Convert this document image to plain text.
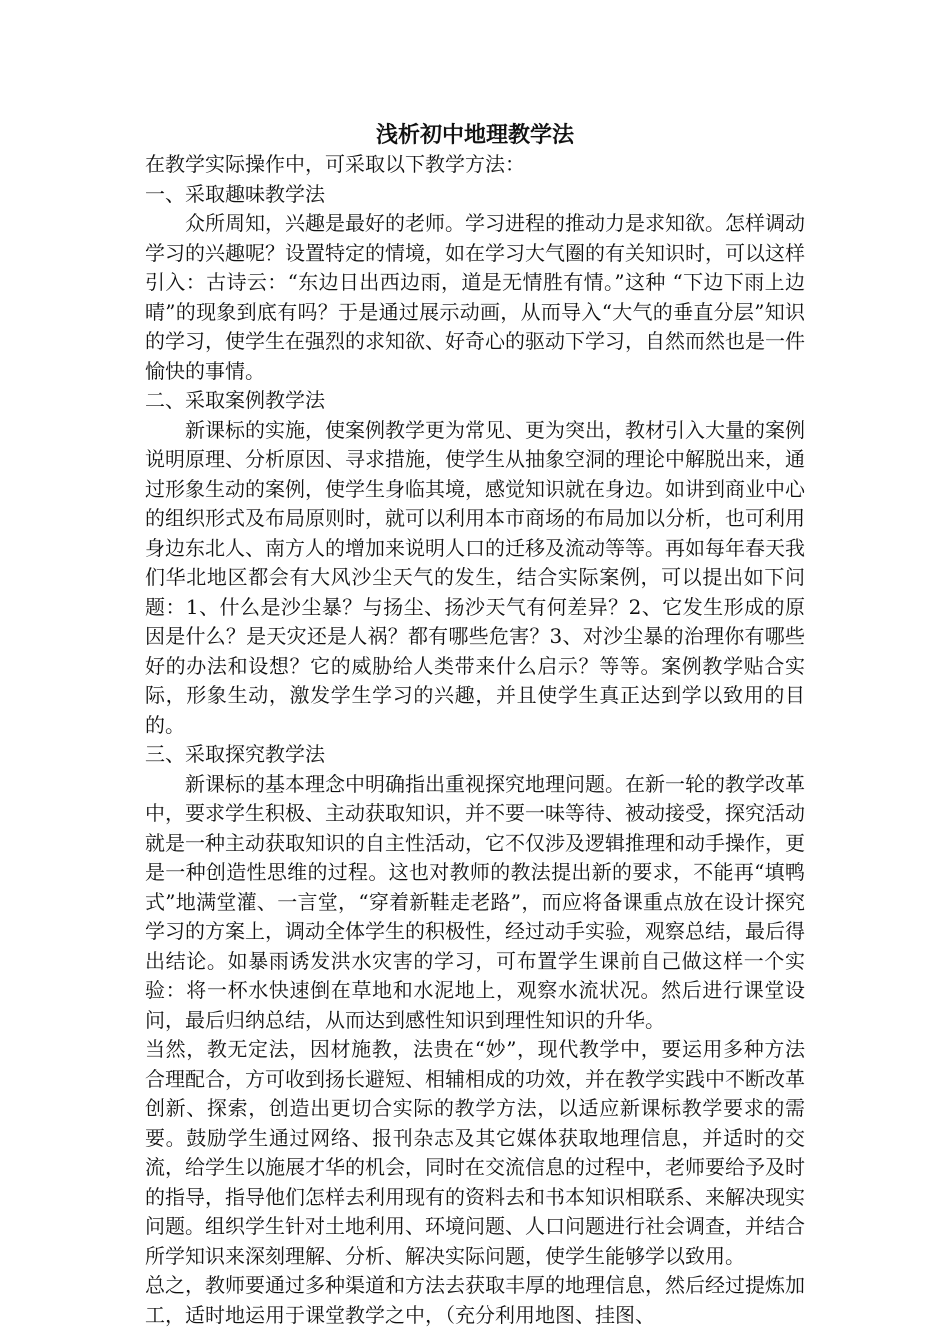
浅析初中地理教学法

在教学实际操作中，可采取以下教学方法：

一、采取趣味教学法

众所周知，兴趣是最好的老师。学习进程的推动力是求知欲。怎样调动学习的兴趣呢？设置特定的情境，如在学习大气圈的有关知识时，可以这样引入：古诗云：“东边日出西边雨，道是无情胜有情。”这种 “下边下雨上边晴”的现象到底有吗？于是通过展示动画，从而导入“大气的垂直分层”知识的学习，使学生在强烈的求知欲、好奇心的驱动下学习，自然而然也是一件愉快的事情。

二、采取案例教学法

新课标的实施，使案例教学更为常见、更为突出，教材引入大量的案例说明原理、分析原因、寻求措施，使学生从抽象空洞的理论中解脱出来，通过形象生动的案例，使学生身临其境，感觉知识就在身边。如讲到商业中心的组织形式及布局原则时，就可以利用本市商场的布局加以分析，也可利用身边东北人、南方人的增加来说明人口的迁移及流动等等。再如每年春天我们华北地区都会有大风沙尘天气的发生，结合实际案例，可以提出如下问题：1、什么是沙尘暴？与扬尘、扬沙天气有何差异？2、它发生形成的原因是什么？是天灾还是人祸？都有哪些危害？3、对沙尘暴的治理你有哪些好的办法和设想？它的威胁给人类带来什么启示？等等。案例教学贴合实际，形象生动，激发学生学习的兴趣，并且使学生真正达到学以致用的目的。

三、采取探究教学法

新课标的基本理念中明确指出重视探究地理问题。在新一轮的教学改革中，要求学生积极、主动获取知识，并不要一味等待、被动接受，探究活动就是一种主动获取知识的自主性活动，它不仅涉及逻辑推理和动手操作，更是一种创造性思维的过程。这也对教师的教法提出新的要求，不能再“填鸭式”地满堂灌、一言堂，“穿着新鞋走老路”，而应将备课重点放在设计探究学习的方案上，调动全体学生的积极性，经过动手实验，观察总结，最后得出结论。如暴雨诱发洪水灾害的学习，可布置学生课前自己做这样一个实验：将一杯水快速倒在草地和水泥地上，观察水流状况。然后进行课堂设问，最后归纳总结，从而达到感性知识到理性知识的升华。

当然，教无定法，因材施教，法贵在“妙”，现代教学中，要运用多种方法合理配合，方可收到扬长避短、相辅相成的功效，并在教学实践中不断改革创新、探索，创造出更切合实际的教学方法，以适应新课标教学要求的需要。鼓励学生通过网络、报刊杂志及其它媒体获取地理信息，并适时的交流，给学生以施展才华的机会，同时在交流信息的过程中，老师要给予及时的指导，指导他们怎样去利用现有的资料去和书本知识相联系、来解决现实问题。组织学生针对土地利用、环境问题、人口问题进行社会调查，并结合所学知识来深刻理解、分析、解决实际问题，使学生能够学以致用。

总之，教师要通过多种渠道和方法去获取丰厚的地理信息，然后经过提炼加工，适时地运用于课堂教学之中，（充分利用地图、挂图、
